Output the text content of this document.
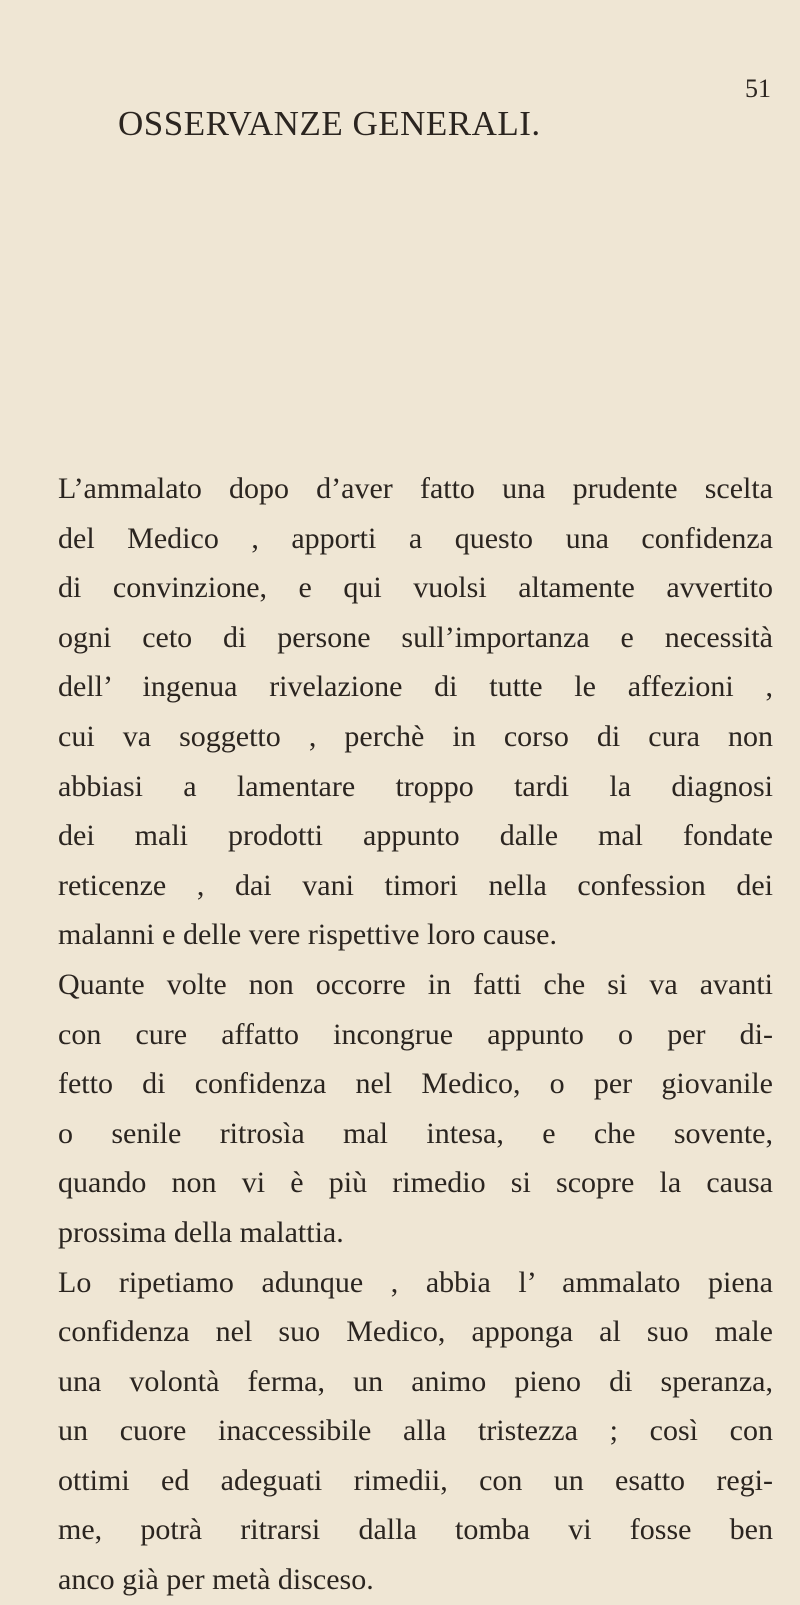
51
OSSERVANZE GENERALI.
L’ammalato dopo d’aver fatto una prudente scelta
del Medico , apporti a questo una confidenza
di convinzione, e qui vuolsi altamente avvertito
ogni ceto di persone sull’importanza e necessità
dell’ ingenua rivelazione di tutte le affezioni ,
cui va soggetto , perchè in corso di cura non
abbiasi a lamentare troppo tardi la diagnosi
dei mali prodotti appunto dalle mal fondate
reticenze , dai vani timori nella confession dei
malanni e delle vere rispettive loro cause.
Quante volte non occorre in fatti che si va avanti
con cure affatto incongrue appunto o per di-
fetto di confidenza nel Medico, o per giovanile
o senile ritrosìa mal intesa, e che sovente,
quando non vi è più rimedio si scopre la causa
prossima della malattia.
Lo ripetiamo adunque , abbia l’ ammalato piena
confidenza nel suo Medico, apponga al suo male
una volontà ferma, un animo pieno di speranza,
un cuore inaccessibile alla tristezza ; così con
ottimi ed adeguati rimedii, con un esatto regi-
me, potrà ritrarsi dalla tomba vi fosse ben
anco già per metà disceso.
